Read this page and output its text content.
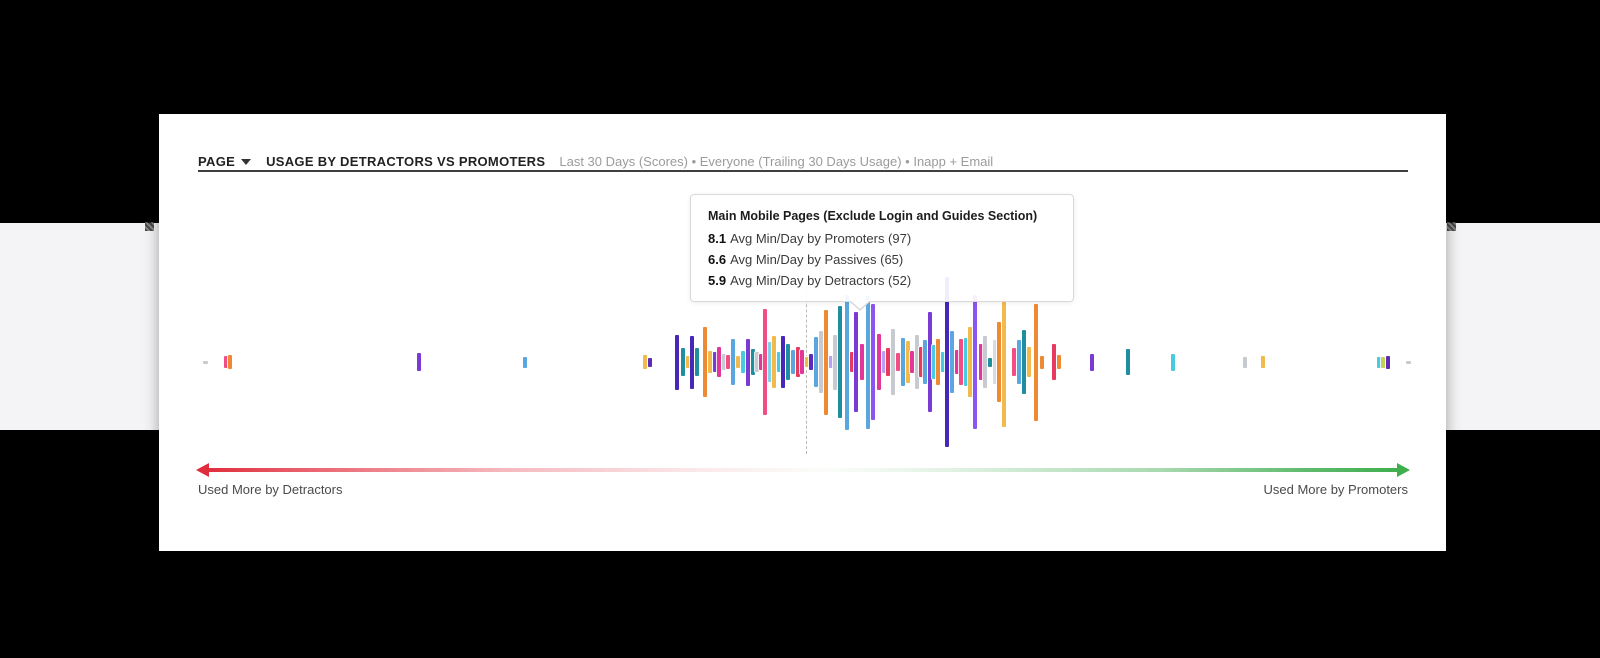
PAGE USAGE BY DETRACTORS VS PROMOTERS Last 30 Days (Scores) • Everyone (Trailing 30 Days Usage) • Inapp + Email
Main Mobile Pages (Exclude Login and Guides Section)
8.1 Avg Min/Day by Promoters (97)
6.6 Avg Min/Day by Passives (65)
5.9 Avg Min/Day by Detractors (52)
Used More by Detractors	Used More by Promoters
